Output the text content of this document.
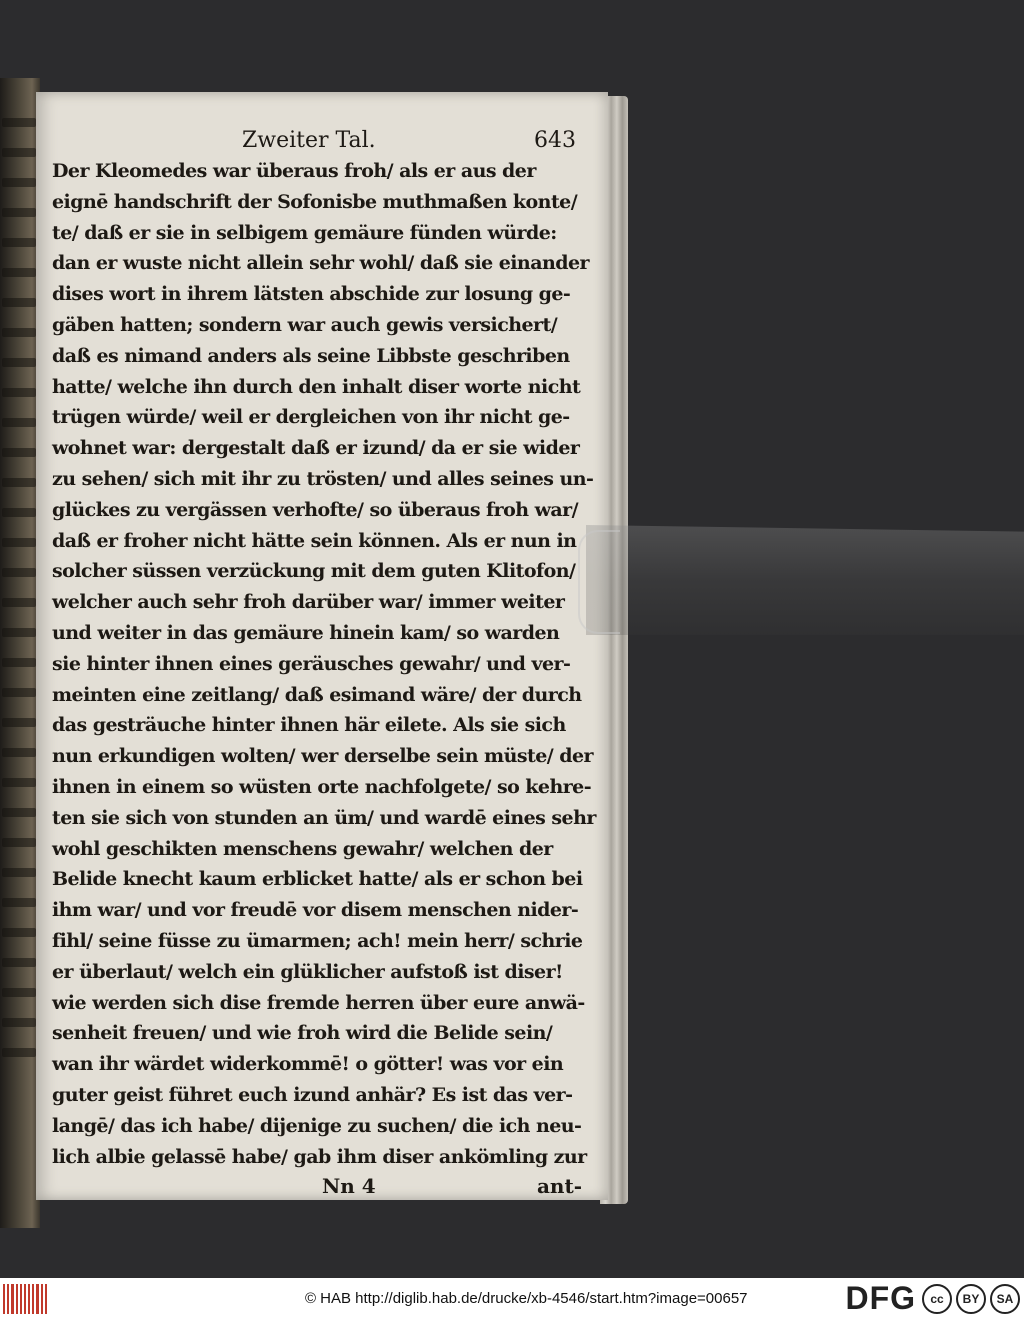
Zweiter Tal.	643
Der Kleomedes war überaus froh/ als er aus der
eignē handschrift der Sofonisbe muthmaßen konte/
te/ daß er sie in selbigem gemäure fünden würde:
dan er wuste nicht allein sehr wohl/ daß sie einander
dises wort in ihrem lätsten abschide zur losung ge-
gäben hatten; sondern war auch gewis versichert/
daß es nimand anders als seine Libbste geschriben
hatte/ welche ihn durch den inhalt diser worte nicht
trügen würde/ weil er dergleichen von ihr nicht ge-
wohnet war: dergestalt daß er izund/ da er sie wider
zu sehen/ sich mit ihr zu trösten/ und alles seines un-
glückes zu vergässen verhofte/ so überaus froh war/
daß er froher nicht hätte sein können. Als er nun in
solcher süssen verzückung mit dem guten Klitofon/
welcher auch sehr froh darüber war/ immer weiter
und weiter in das gemäure hinein kam/ so warden
sie hinter ihnen eines geräusches gewahr/ und ver-
meinten eine zeitlang/ daß esimand wäre/ der durch
das gesträuche hinter ihnen här eilete. Als sie sich
nun erkundigen wolten/ wer derselbe sein müste/ der
ihnen in einem so wüsten orte nachfolgete/ so kehre-
ten sie sich von stunden an üm/ und wardē eines sehr
wohl geschikten menschens gewahr/ welchen der
Belide knecht kaum erblicket hatte/ als er schon bei
ihm war/ und vor freudē vor disem menschen nider-
fihl/ seine füsse zu ümarmen; ach! mein herr/ schrie
er überlaut/ welch ein glüklicher aufstoß ist diser!
wie werden sich dise fremde herren über eure anwä-
senheit freuen/ und wie froh wird die Belide sein/
wan ihr wärdet widerkommē! o götter! was vor ein
guter geist führet euch izund anhär? Es ist das ver-
langē/ das ich habe/ dijenige zu suchen/ die ich neu-
lich albie gelassē habe/ gab ihm diser ankömling zur
Nn 4	ant-
© HAB http://diglib.hab.de/drucke/xb-4546/start.htm?image=00657	DFG	cc	BY	SA
